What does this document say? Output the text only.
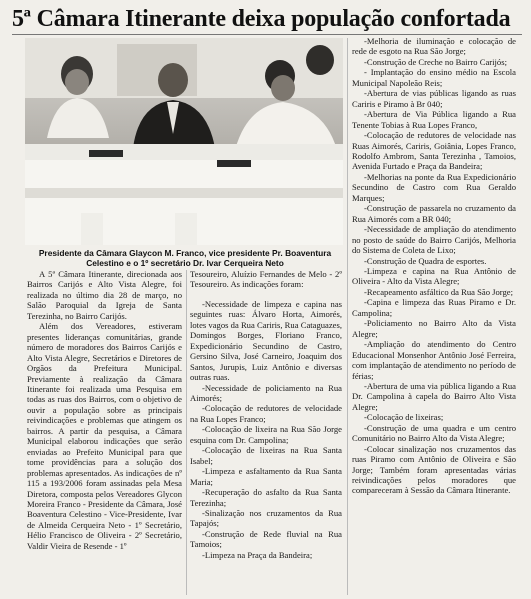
5ª Câmara Itinerante deixa população confortada
Presidente da Câmara Glaycon M. Franco, vice presidente Pr. Boaventura Celestino e o 1º secretário Dr. Ivar Cerqueira Neto

A 5ª Câmara Itinerante, direcionada aos Bairros Carijós e Alto Vista Alegre, foi realizada no último dia 28 de março, no Salão Paroquial da Igreja de Santa Terezinha, no Bairro Carijós.

Além dos Vereadores, estiveram presentes lideranças comunitárias, grande número de moradores dos Bairros Carijós e Alto Vista Alegre, Secretários e Diretores de Orgãos da Prefeitura Municipal. Previamente à realização da Câmara Itinerante foi realizada uma Pesquisa em todas as ruas dos Bairros, com o objetivo de ouvir a população sobre as principais reivindicações e problemas que atingem os bairros. A partir da pesquisa, a Câmara Municipal elaborou indicações que serão enviadas ao Prefeito Municipal para que tome providências para a solução dos problemas apresentados. As indicações de nº 115 a 193/2006 foram assinadas pela Mesa Diretora, composta pelos Vereadores Glycon Moreira Franco - Presidente da Câmara, José Boaventura Celestino - Vice-Presidente, Ivar de Almeida Cerqueira Neto - 1º Secretário, Hélio Francisco de Oliveira - 2º Secretário, Valdir Vieira de Resende - 1º

Tesoureiro, Aluízio Fernandes de Melo - 2º Tesoureiro. As indicações foram:

-Necessidade de limpeza e capina nas seguintes ruas: Álvaro Horta, Aimorés, lotes vagos da Rua Cariris, Rua Cataguazes, Domingos Borges, Floriano Franco, Expedicionário Secundino de Castro, Gersino Silva, José Carneiro, Joaquim dos Santos, Jurupis, Luiz Antônio e diversas outras ruas.

-Necessidade de policiamento na Rua Aimorés;

-Colocação de redutores de velocidade na Rua Lopes Franco;

-Colocação de lixeira na Rua São Jorge esquina com Dr. Campolina;

-Colocação de lixeiras na Rua Santa Isabel;

-Limpeza e asfaltamento da Rua Santa Maria;

-Recuperação do asfalto da Rua Santa Terezinha;

-Sinalização nos cruzamentos da Rua Tapajós;

-Construção de Rede fluvial na Rua Tamoios;

-Limpeza na Praça da Bandeira;

-Melhoria de iluminação e colocação de rede de esgoto na Rua São Jorge;

-Construção de Creche no Bairro Carijós;

- Implantação do ensino médio na Escola Municipal Napoleão Reis;

-Abertura de vias públicas ligando as ruas Cariris e Piramo à Br 040;

-Abertura de Via Pública ligando a Rua Tenente Tobias à Rua Lopes Franco,

-Colocação de redutores de velocidade nas Ruas Aimorés, Cariris, Goiânia, Lopes Franco, Rodolfo Ambrom, Santa Terezinha , Tamoios, Avenida Furtado e Praça da Bandeira;

-Melhorias na ponte da Rua Expedicionário Secundino de Castro com Rua Geraldo Marques;

-Construção de passarela no cruzamento da Rua Aimorés com a BR 040;

-Necessidade de ampliação do atendimento no posto de saúde do Bairro Carijós, Melhoria do Sistema de Coleta de Lixo;

-Construção de Quadra de esportes.

-Limpeza e capina na Rua Antônio de Oliveira - Alto da Vista Alegre;

-Recapeamento asfáltico da Rua São Jorge;

-Capina e limpeza das Ruas Piramo e Dr. Campolina;

-Policiamento no Bairro Alto da Vista Alegre;

-Ampliação do atendimento do Centro Educacional Monsenhor Antônio José Ferreira, com implantação de atendimento no período de férias;

-Abertura de uma via pública ligando a Rua Dr. Campolina à capela do Bairro Alto Vista Alegre;

-Colocação de lixeiras;

-Construção de uma quadra e um centro Comunitário no Bairro Alto da Vista Alegre;

-Colocar sinalização nos cruzamentos das ruas Piramo com Antônio de Oliveira e São Jorge; Também foram apresentadas várias reivindicações pelos moradores que compareceram à Sessão da Câmara Itinerante.
